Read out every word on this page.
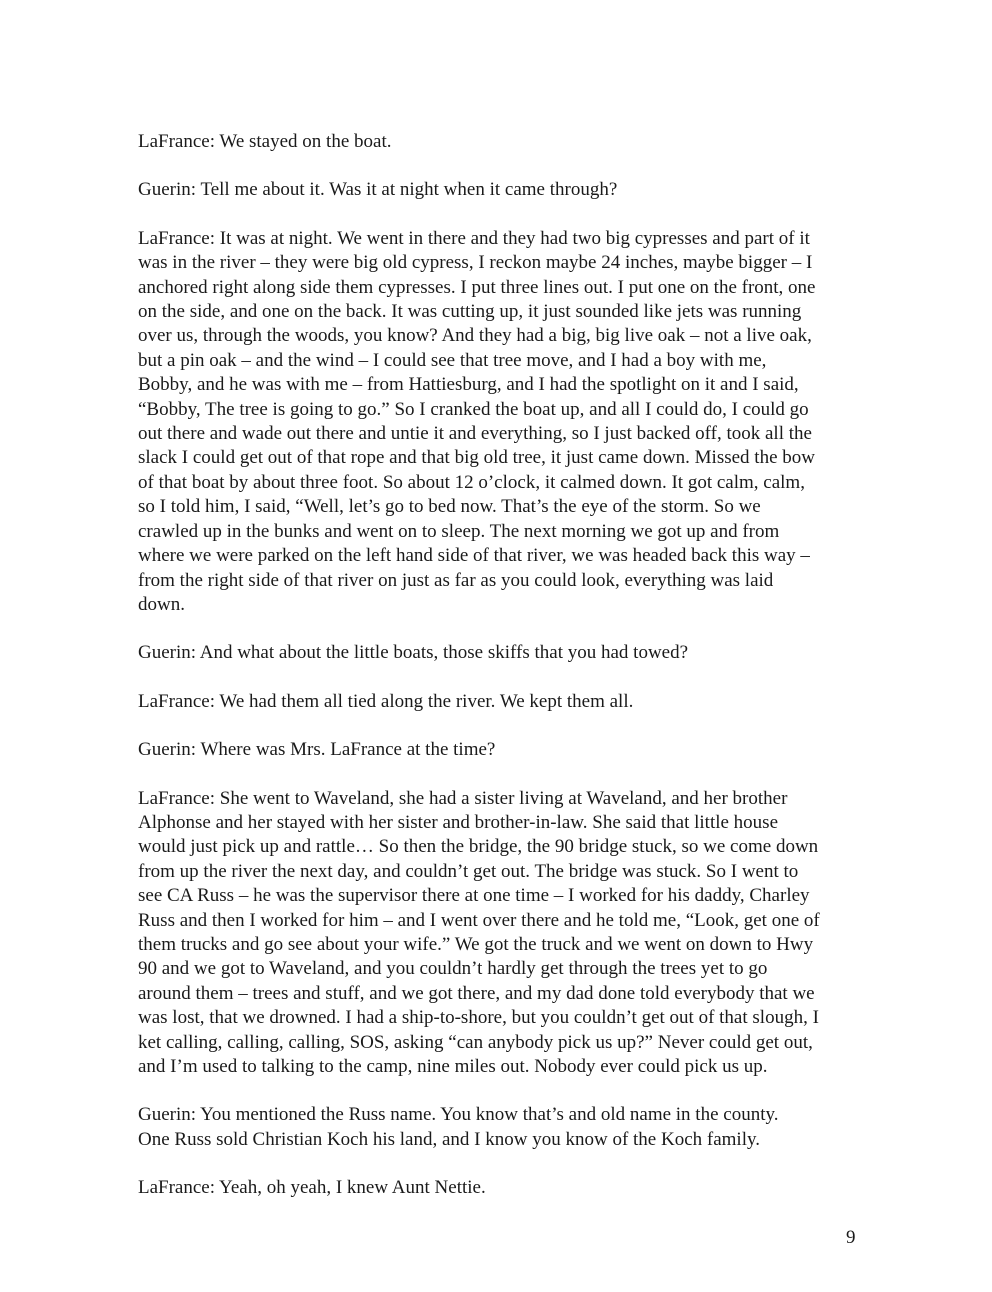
LaFrance: We stayed on the boat.
Guerin: Tell me about it. Was it at night when it came through?
LaFrance: It was at night. We went in there and they had two big cypresses and part of it
was in the river – they were big old cypress, I reckon maybe 24 inches, maybe bigger – I
anchored right along side them cypresses. I put three lines out. I put one on the front, one
on the side, and one on the back. It was cutting up, it just sounded like jets was running
over us, through the woods, you know? And they had a big, big live oak – not a live oak,
but a pin oak – and the wind – I could see that tree move, and I had a boy with me,
Bobby, and he was with me – from Hattiesburg, and I had the spotlight on it and I said,
“Bobby, The tree is going to go.” So I cranked the boat up, and all I could do, I could go
out there and wade out there and untie it and everything, so I just backed off, took all the
slack I could get out of that rope and that big old tree, it just came down. Missed the bow
of that boat by about three foot. So about 12 o’clock, it calmed down. It got calm, calm,
so I told him, I said, “Well, let’s go to bed now. That’s the eye of the storm. So we
crawled up in the bunks and went on to sleep. The next morning we got up and from
where we were parked on the left hand side of that river, we was headed back this way –
from the right side of that river on just as far as you could look, everything was laid
down.
Guerin: And what about the little boats, those skiffs that you had towed?
LaFrance: We had them all tied along the river. We kept them all.
Guerin: Where was Mrs. LaFrance at the time?
LaFrance: She went to Waveland, she had a sister living at Waveland, and her brother
Alphonse and her stayed with her sister and brother-in-law. She said that little house
would just pick up and rattle… So then the bridge, the 90 bridge stuck, so we come down
from up the river the next day, and couldn’t get out. The bridge was stuck. So I went to
see CA Russ – he was the supervisor there at one time – I worked for his daddy, Charley
Russ and then I worked for him – and I went over there and he told me, “Look, get one of
them trucks and go see about your wife.” We got the truck and we went on down to Hwy
90 and we got to Waveland, and you couldn’t hardly get through the trees yet to go
around them – trees and stuff, and we got there, and my dad done told everybody that we
was lost, that we drowned. I had a ship-to-shore, but you couldn’t get out of that slough, I
ket calling, calling, calling, SOS, asking “can anybody pick us up?” Never could get out,
and I’m used to talking to the camp, nine miles out. Nobody ever could pick us up.
Guerin: You mentioned the Russ name. You know that’s and old name in the county.
One Russ sold Christian Koch his land, and I know you know of the Koch family.
LaFrance: Yeah, oh yeah, I knew Aunt Nettie.
9
